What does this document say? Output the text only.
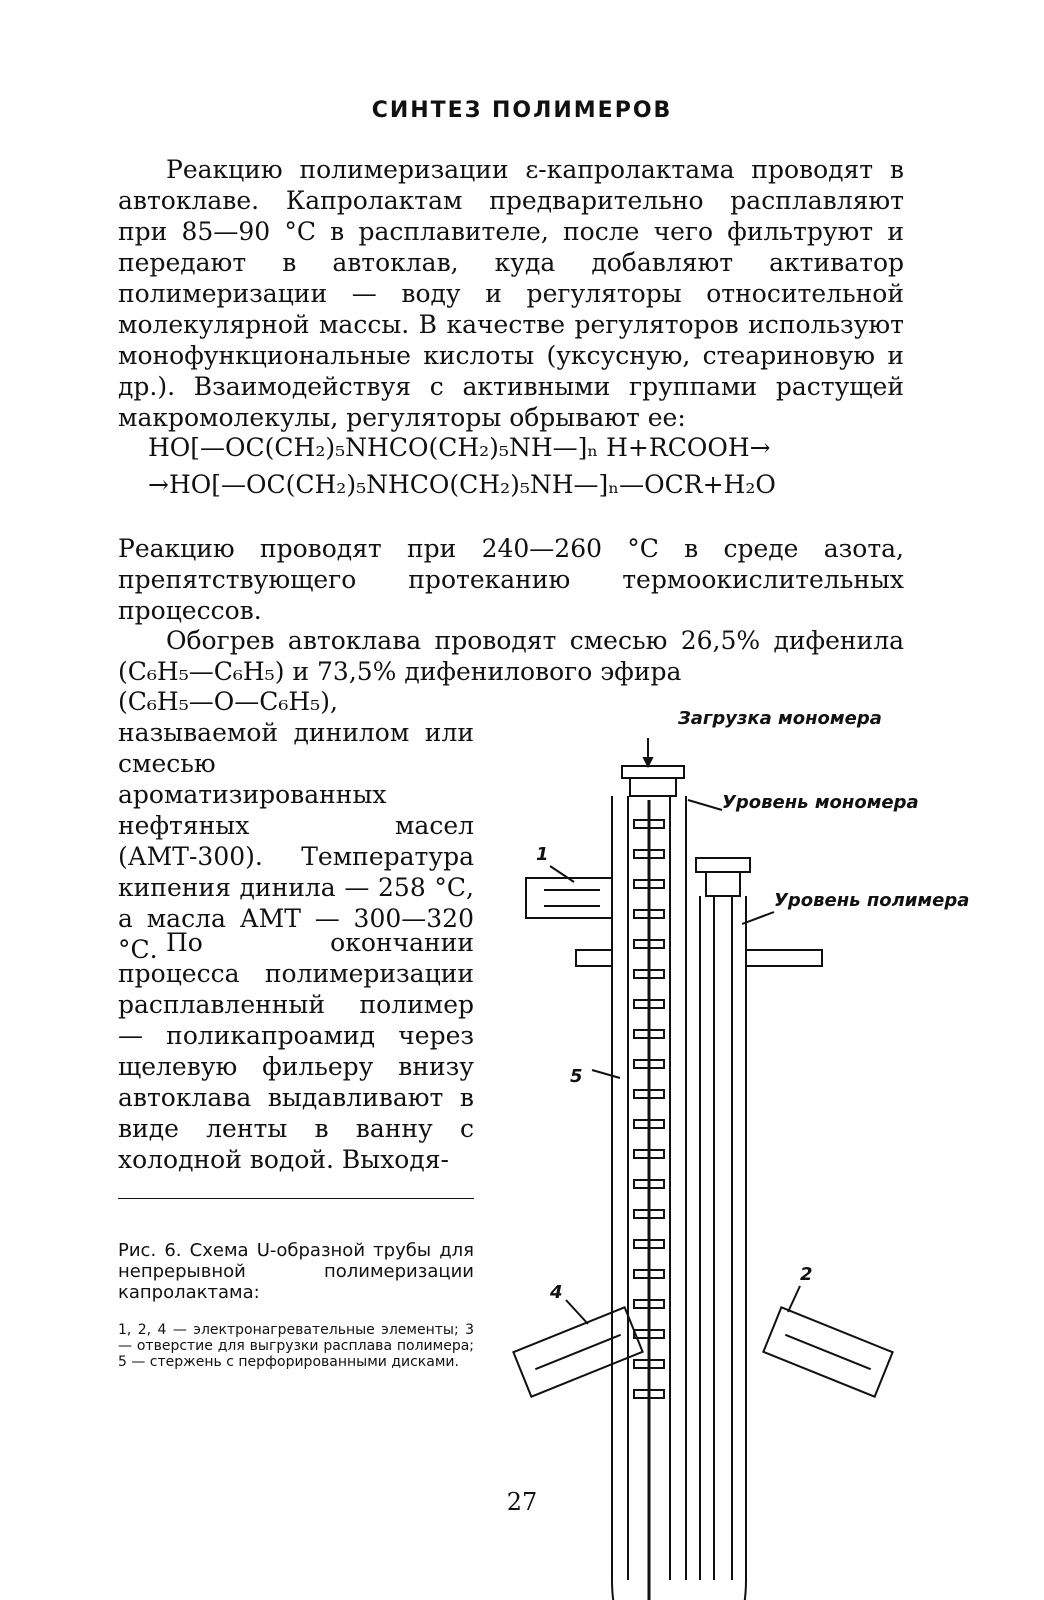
СИНТЕЗ ПОЛИМЕРОВ

Реакцию полимеризации ε-капролактама проводят в автоклаве. Капролактам предварительно расплавляют при 85—90 °С в расплавителе, после чего фильтруют и передают в автоклав, куда добавляют активатор полимеризации — воду и регуляторы относительной молекулярной массы. В качестве регуляторов используют монофункциональные кислоты (уксусную, стеариновую и др.). Взаимодействуя с активными группами растущей макромолекулы, регуляторы обрывают ее:

HO[—OC(CH₂)₅NHCO(CH₂)₅NH—]ₙ H+RCOOH→
→HO[—OC(CH₂)₅NHCO(CH₂)₅NH—]ₙ—OCR+H₂O

Реакцию проводят при 240—260 °С в среде азота, препятствующего протеканию термоокислительных процессов.

Обогрев автоклава проводят смесью 26,5% дифенила (C₆H₅—C₆H₅) и 73,5% дифенилового эфира

(C₆H₅—O—C₆H₅), называемой динилом или смесью ароматизированных нефтяных масел (АМТ-300). Температура кипения динила — 258 °С, а масла АМТ — 300—320 °С. По окончании процесса полимеризации расплавленный полимер — поликапроамид через щелевую фильеру внизу автоклава выдавливают в виде ленты в ванну с холодной водой. Выходя-

Рис. 6. Схема U-образной трубы для непрерывной полимеризации капролактама:

1, 2, 4 — электронагревательные элементы; 3 — отверстие для выгрузки расплава полимера; 5 — стержень с перфорированными дисками.

Загрузка мономера
Уровень мономера
Уровень полимера
1
2
4
5
27
